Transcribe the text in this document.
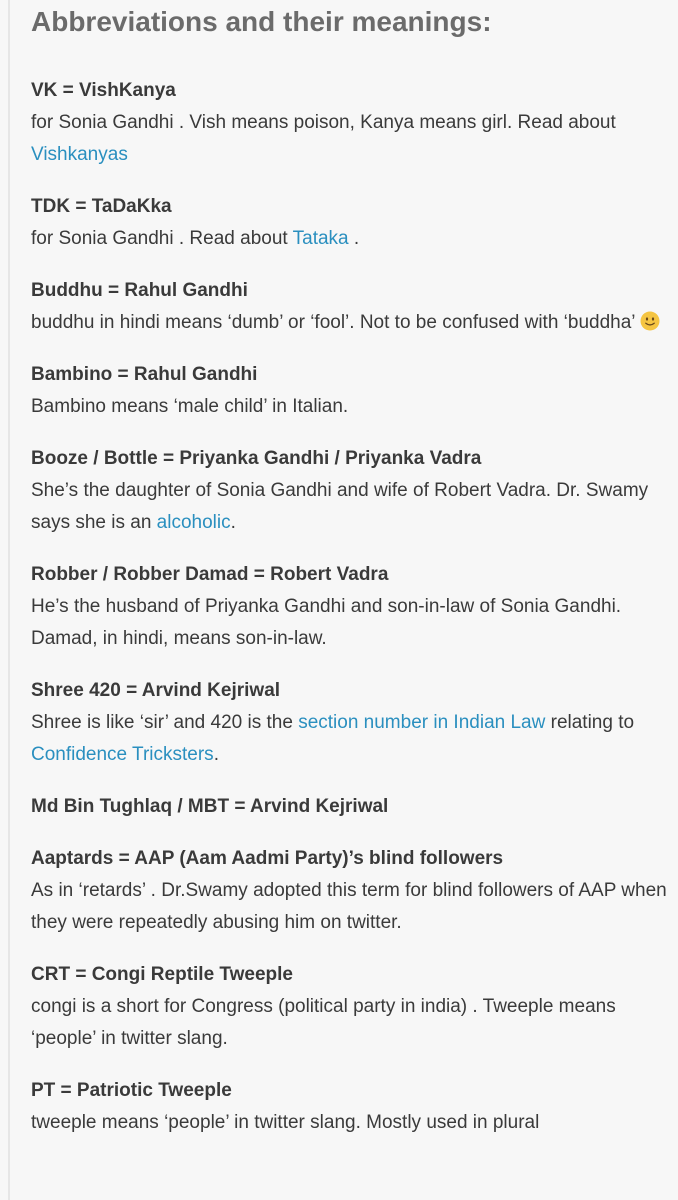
Abbreviations and their meanings:
VK = VishKanya
for Sonia Gandhi . Vish means poison, Kanya means girl. Read about Vishkanyas
TDK = TaDaKka
for Sonia Gandhi . Read about Tataka .
Buddhu = Rahul Gandhi
buddhu in hindi means ‘dumb’ or ‘fool’. Not to be confused with ‘buddha’
Bambino = Rahul Gandhi
Bambino means ‘male child’ in Italian.
Booze / Bottle = Priyanka Gandhi / Priyanka Vadra
She’s the daughter of Sonia Gandhi and wife of Robert Vadra. Dr. Swamy says she is an alcoholic.
Robber / Robber Damad = Robert Vadra
He’s the husband of Priyanka Gandhi and son-in-law of Sonia Gandhi. Damad, in hindi, means son-in-law.
Shree 420 = Arvind Kejriwal
Shree is like ‘sir’ and 420 is the section number in Indian Law relating to Confidence Tricksters.
Md Bin Tughlaq / MBT = Arvind Kejriwal
Aaptards = AAP (Aam Aadmi Party)’s blind followers
As in ‘retards’ . Dr.Swamy adopted this term for blind followers of AAP when they were repeatedly abusing him on twitter.
CRT = Congi Reptile Tweeple
congi is a short for Congress (political party in india) . Tweeple means ‘people’ in twitter slang.
PT = Patriotic Tweeple
tweeple means ‘people’ in twitter slang. Mostly used in plural
